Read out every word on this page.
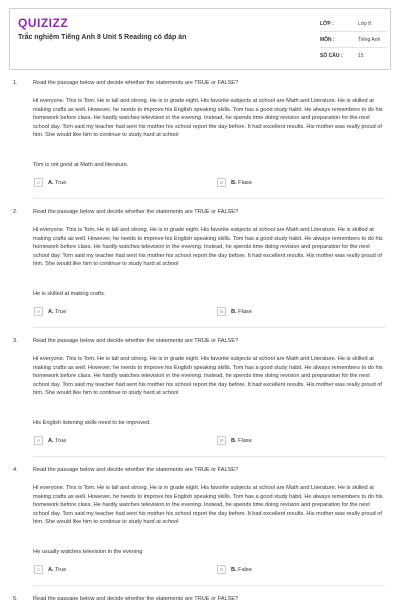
QUIZIZZ
Trắc nghiệm Tiếng Anh 8 Unit 5 Reading có đáp án
LỚP :	Lớp 8
MÔN :	Tiếng Anh
SỐ CÂU :	15
1.	Read the passage below and decide whether the statements are TRUE or FALSE?
Hi everyone. This is Tom. He is tall and strong. He is in grade eight. His favorite subjects at school are Math and Literature. He is skilled at making crafts as well. However, he needs to improve his English speaking skills. Tom has a good study habit. He always remembers to do his homework before class. He hardly watches television in the evening. Instead, he spends time doing revision and preparation for the next school day. Tom said my teacher had sent his mother his school report the day before. It had excellent results. His mother was really proud of him. She would like him to continue to study hard at school
Tom is not good at Math and literature.
A	A. True	B	B. Flase
2.	Read the passage below and decide whether the statements are TRUE or FALSE?
Hi everyone. This is Tom. He is tall and strong. He is in grade eight. His favorite subjects at school are Math and Literature. He is skilled at making crafts as well. However, he needs to improve his English speaking skills. Tom has a good study habit. He always remembers to do his homework before class. He hardly watches television in the evening. Instead, he spends time doing revision and preparation for the next school day. Tom said my teacher had sent his mother his school report the day before. It had excellent results. His mother was really proud of him. She would like him to continue to study hard at school
He is skilled at making crafts.
A	A. True	B	B. Flase
3.	Read the passage below and decide whether the statements are TRUE or FALSE?
Hi everyone. This is Tom. He is tall and strong. He is in grade eight. His favorite subjects at school are Math and Literature. He is skilled at making crafts as well. However, he needs to improve his English speaking skills. Tom has a good study habit. He always remembers to do his homework before class. He hardly watches television in the evening. Instead, he spends time doing revision and preparation for the next school day. Tom said my teacher had sent his mother his school report the day before. It had excellent results. His mother was really proud of him. She would like him to continue to study hard at school
His English listening skills need to be improved.
A	A. True	B	B. Flase
4.	Read the passage below and decide whether the statements are TRUE or FALSE?
Hi everyone. This is Tom. He is tall and strong. He is in grade eight. His favorite subjects at school are Math and Literature. He is skilled at making crafts as well. However, he needs to improve his English speaking skills. Tom has a good study habit. He always remembers to do his homework before class. He hardly watches television in the evening. Instead, he spends time doing revision and preparation for the next school day. Tom said my teacher had sent his mother his school report the day before. It had excellent results. His mother was really proud of him. She would like him to continue to study hard at school
He usually watches television in the evening
A	A. True	B	B. False
5.	Read the passage below and decide whether the statements are TRUE or FALSE?
